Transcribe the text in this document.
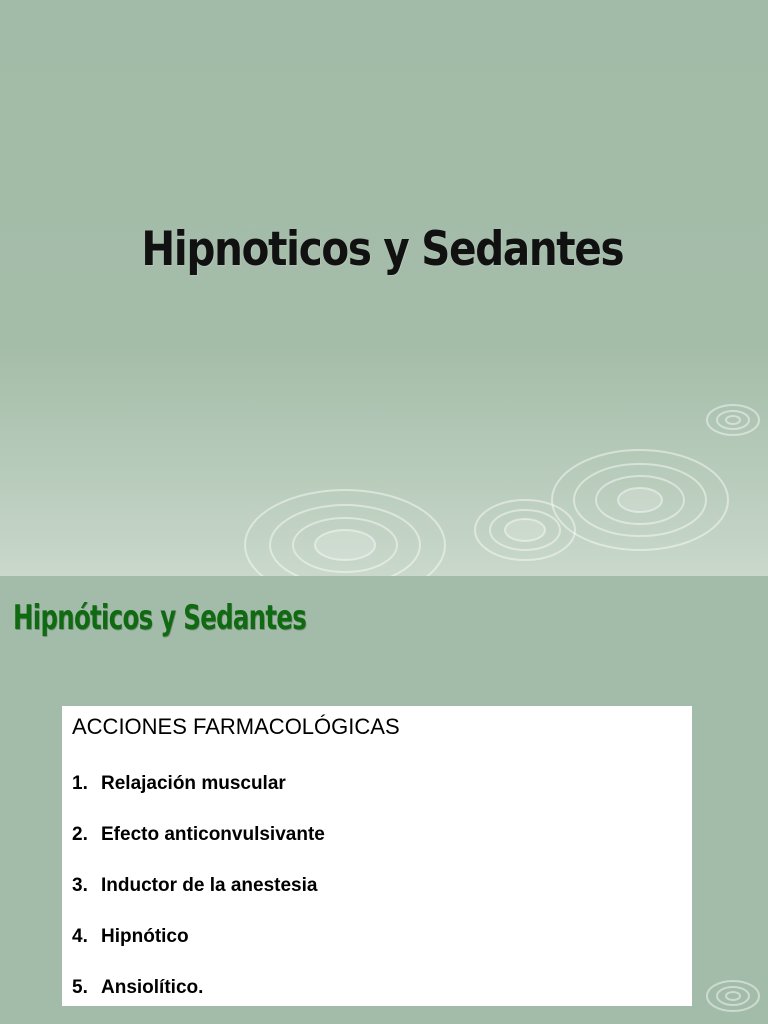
Hipnoticos y Sedantes
Hipnóticos y Sedantes
ACCIONES FARMACOLÓGICAS
1. Relajación muscular
2. Efecto anticonvulsivante
3. Inductor de la anestesia
4. Hipnótico
5. Ansiolítico.
